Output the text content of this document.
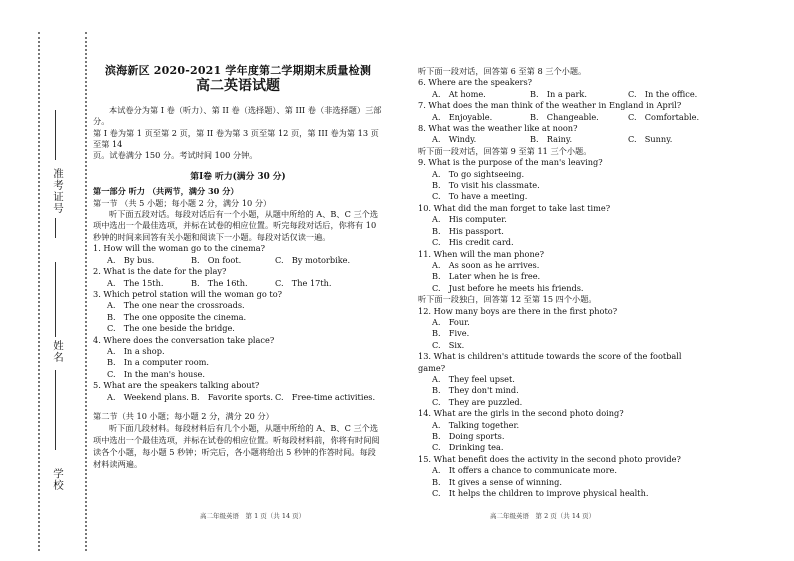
准考证号
姓名
学校
滨海新区 2020-2021 学年度第二学期期末质量检测
高二英语试题

本试卷分为第 I 卷（听力）、第 II 卷（选择题）、第 III 卷（非选择题）三部分。

第 I 卷为第 1 页至第 2 页，第 II 卷为第 3 页至第 12 页，第 III 卷为第 13 页至第 14

页。试卷满分 150 分。考试时间 100 分钟。

第Ⅰ卷 听力(满分 30 分)

第一部分 听力 （共两节，满分 30 分）

第一节 （共 5 小题；每小题 2 分，满分 10 分）

听下面五段对话。每段对话后有一个小题，从题中所给的 A、B、C 三个选项中选出一个最佳选项，并标在试卷的相应位置。听完每段对话后，你将有 10 秒钟的时间来回答有关小题和阅读下一小题。每段对话仅读一遍。

1. How will the woman go to the cinema?

A.　By bus.	B.　On foot.	C.　By motorbike.

2. What is the date for the play?

A.　The 15th.	B.　The 16th.	C.　The 17th.

3. Which petrol station will the woman go to?

A.　The one near the crossroads.

B.　The one opposite the cinema.

C.　The one beside the bridge.

4. Where does the conversation take place?

A.　In a shop.

B.　In a computer room.

C.　In the man's house.

5. What are the speakers talking about?

A.　Weekend plans. B.　Favorite sports. C.　Free-time activities.

第二节（共 10 小题；每小题 2 分，满分 20 分）

听下面几段材料。每段材料后有几个小题，从题中所给的 A、B、C 三个选项中选出一个最佳选项，并标在试卷的相应位置。听每段材料前，你将有时间阅读各个小题，每小题 5 秒钟；听完后，各小题将给出 5 秒钟的作答时间。每段材料读两遍。

听下面一段对话，回答第 6 至第 8 三个小题。

6. Where are the speakers?

A.　At home.	B.　In a park.	C.　In the office.

7. What does the man think of the weather in England in April?

A.　Enjoyable.	B.　Changeable.	C.　Comfortable.

8. What was the weather like at noon?

A.　Windy.	B.　Rainy.	C.　Sunny.

听下面一段对话，回答第 9 至第 11 三个小题。

9. What is the purpose of the man's leaving?

A.　To go sightseeing.

B.　To visit his classmate.

C.　To have a meeting.

10. What did the man forget to take last time?

A.　His computer.

B.　His passport.

C.　His credit card.

11. When will the man phone?

A.　As soon as he arrives.

B.　Later when he is free.

C.　Just before he meets his friends.

听下面一段独白，回答第 12 至第 15 四个小题。

12. How many boys are there in the first photo?

A.　Four.

B.　Five.

C.　Six.

13. What is children's attitude towards the score of the football game?

A.　They feel upset.

B.　They don't mind.

C.　They are puzzled.

14. What are the girls in the second photo doing?

A.　Talking together.

B.　Doing sports.

C.　Drinking tea.

15. What benefit does the activity in the second photo provide?

A.　It offers a chance to communicate more.

B.　It gives a sense of winning.

C.　It helps the children to improve physical health.

高二年级英语　第 1 页（共 14 页）	高二年级英语　第 2 页（共 14 页）
